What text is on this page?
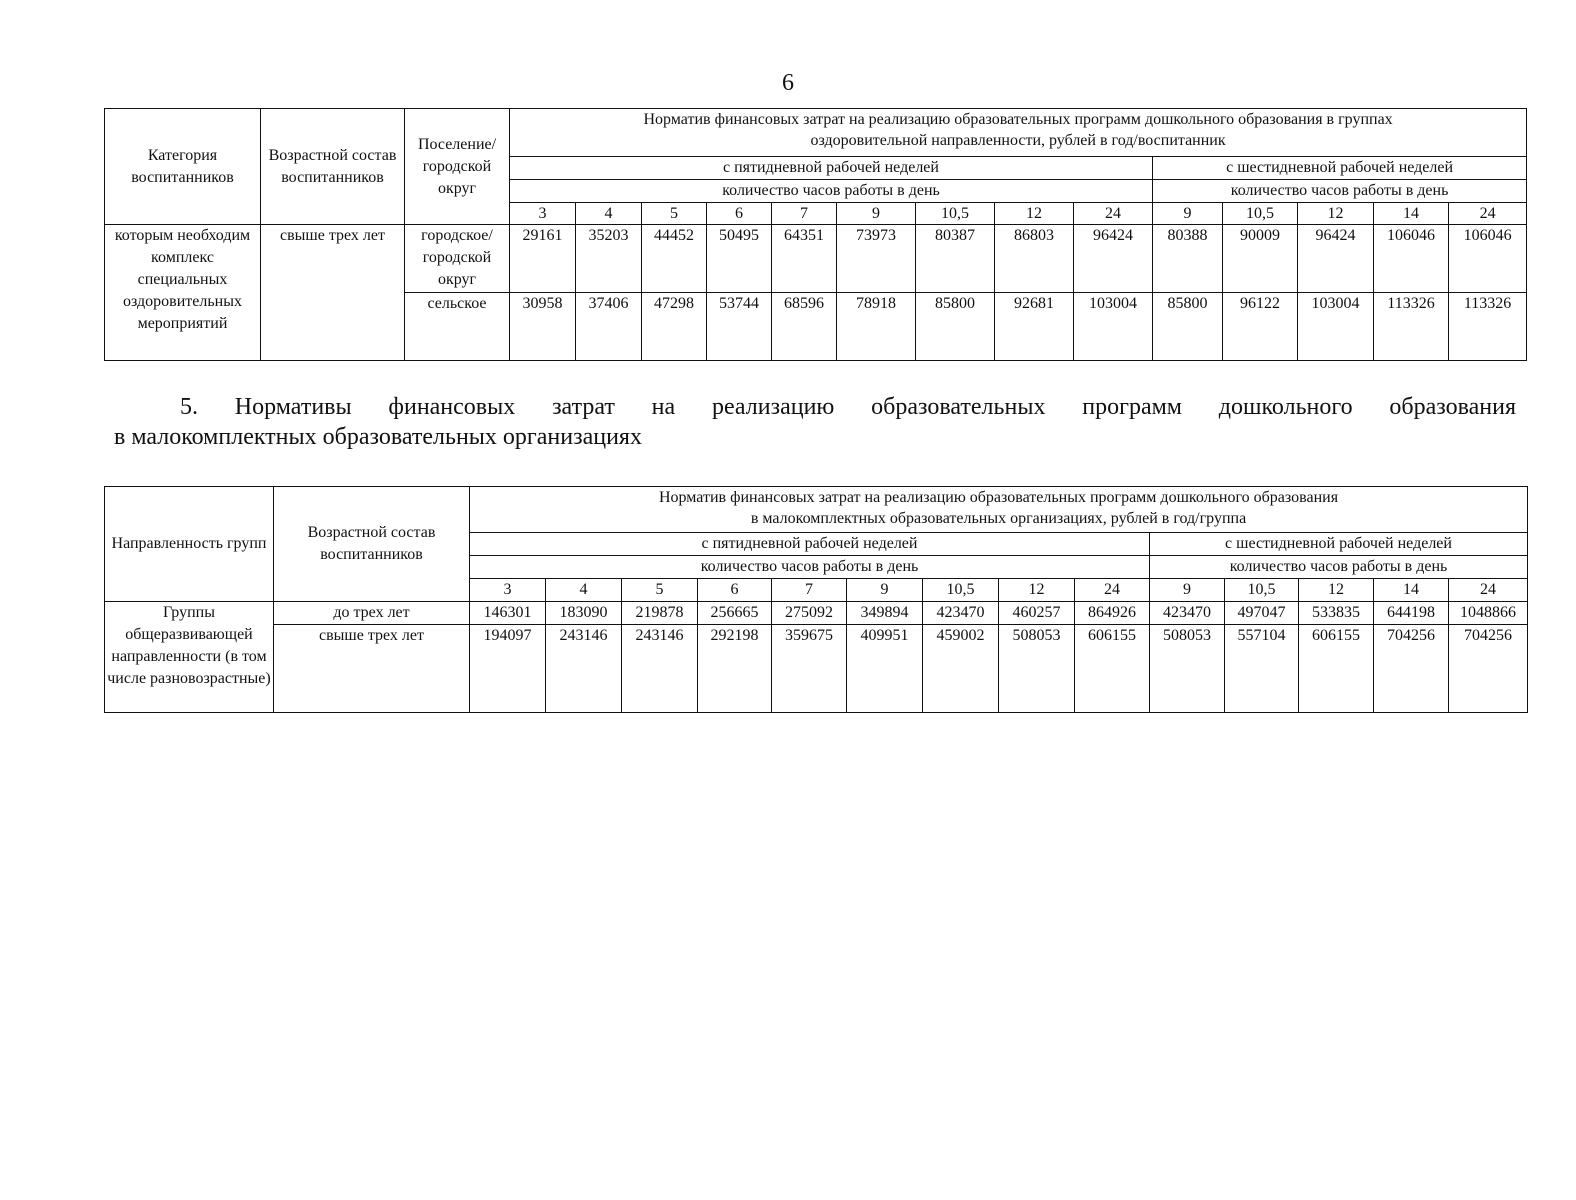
6
Категория воспитанников	Возрастной состав воспитанников	Поселение/ городской округ	Норматив финансовых затрат на реализацию образовательных программ дошкольного образования в группах
оздоровительной направленности, рублей в год/воспитанник													

			с пятидневной рабочей неделей									с шестидневной рабочей неделей				
			количество часов работы в день									количество часов работы в день				
			3	4	5	6	7	9	10,5	12	24	9	10,5	12	14	24
которым необходим комплекс специальных оздоровительных мероприятий	свыше трех лет	городское/ городской округ	29161	35203	44452	50495	64351	73973	80387	86803	96424	80388	90009	96424	106046	106046
		сельское	30958	37406	47298	53744	68596	78918	85800	92681	103004	85800	96122	103004	113326	113326
5. Нормативы финансовых затрат на реализацию образовательных программ дошкольного образования
в малокомплектных образовательных организациях
Направленность групп	Возрастной состав воспитанников	Норматив финансовых затрат на реализацию образовательных программ дошкольного образования
в малокомплектных образовательных организациях, рублей в год/группа													

		с пятидневной рабочей неделей									с шестидневной рабочей неделей				
		количество часов работы в день									количество часов работы в день				
		3	4	5	6	7	9	10,5	12	24	9	10,5	12	14	24
Группы общеразвивающей направленности (в том числе разновозрастные)	до трех лет	146301	183090	219878	256665	275092	349894	423470	460257	864926	423470	497047	533835	644198	1048866
	свыше трех лет	194097	243146	243146	292198	359675	409951	459002	508053	606155	508053	557104	606155	704256	704256
